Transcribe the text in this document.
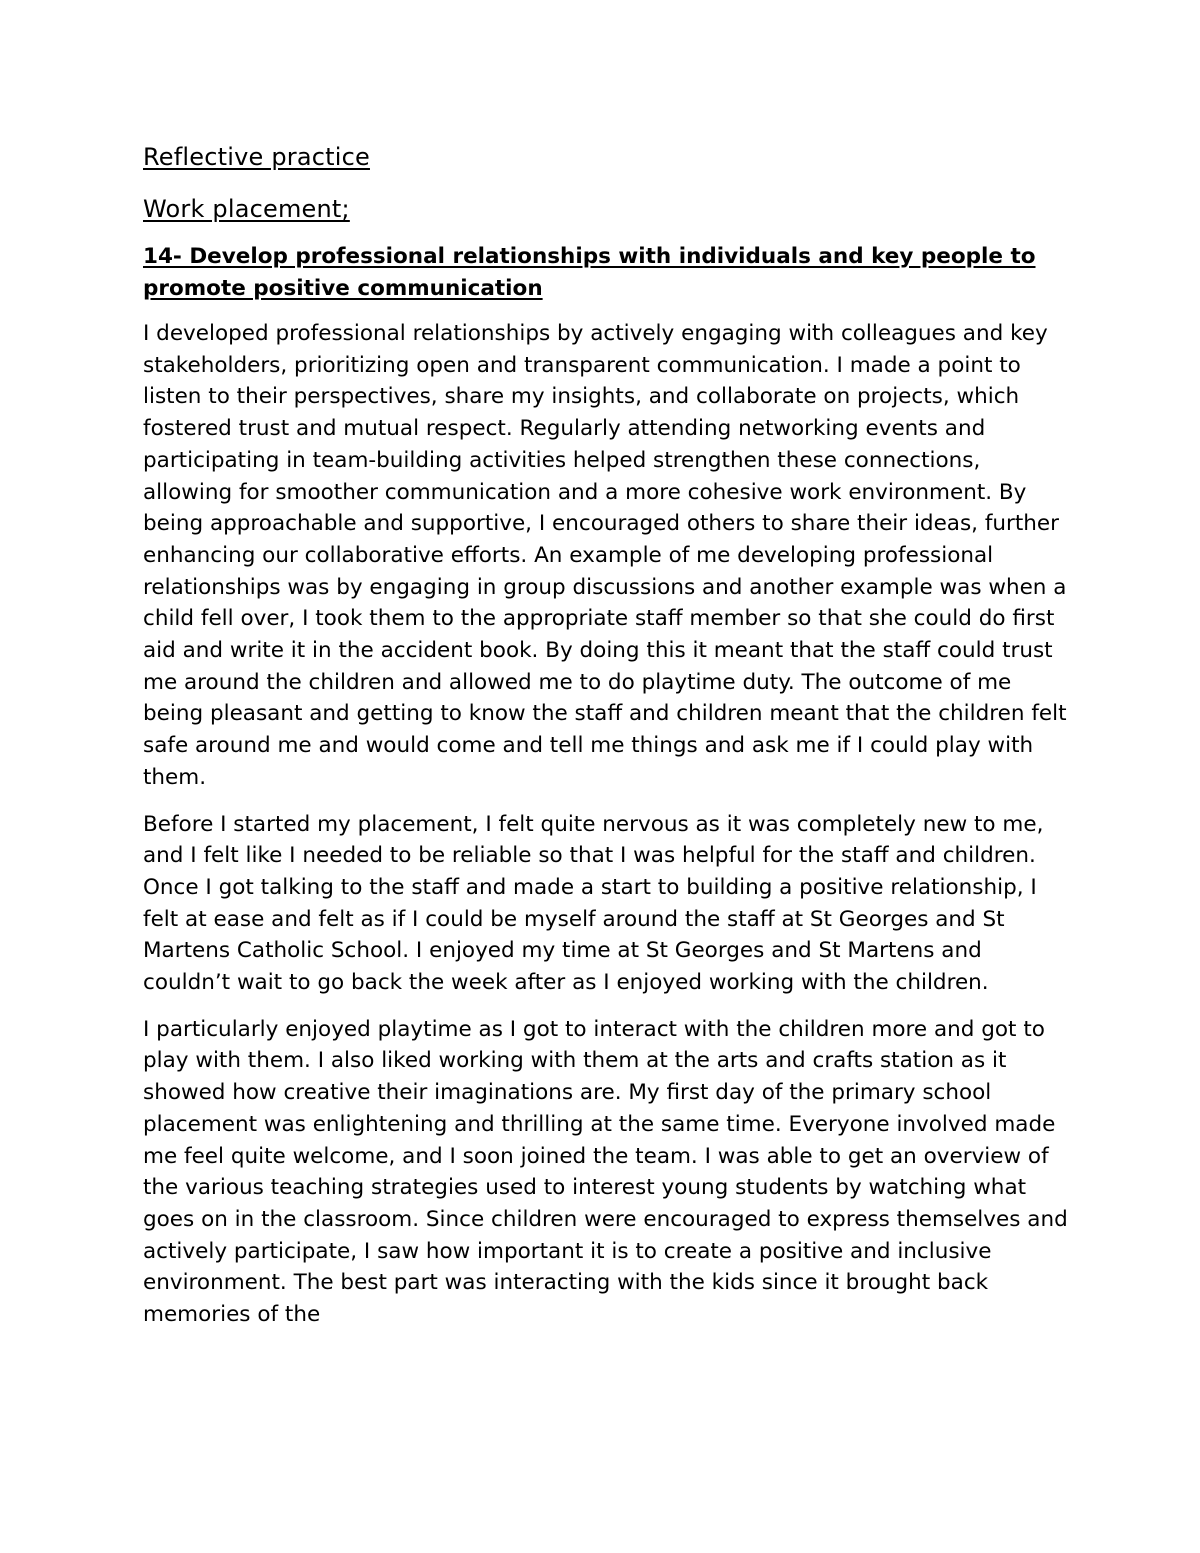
Reflective practice
Work placement;
14- Develop professional relationships with individuals and key people to promote positive communication

I developed professional relationships by actively engaging with colleagues and key stakeholders, prioritizing open and transparent communication. I made a point to listen to their perspectives, share my insights, and collaborate on projects, which fostered trust and mutual respect. Regularly attending networking events and participating in team-building activities helped strengthen these connections, allowing for smoother communication and a more cohesive work environment. By being approachable and supportive, I encouraged others to share their ideas, further enhancing our collaborative efforts. An example of me developing professional relationships was by engaging in group discussions and another example was when a child fell over, I took them to the appropriate staff member so that she could do first aid and write it in the accident book. By doing this it meant that the staff could trust me around the children and allowed me to do playtime duty. The outcome of me being pleasant and getting to know the staff and children meant that the children felt safe around me and would come and tell me things and ask me if I could play with them.

Before I started my placement, I felt quite nervous as it was completely new to me, and I felt like I needed to be reliable so that I was helpful for the staff and children. Once I got talking to the staff and made a start to building a positive relationship, I felt at ease and felt as if I could be myself around the staff at St Georges and St Martens Catholic School. I enjoyed my time at St Georges and St Martens and couldn’t wait to go back the week after as I enjoyed working with the children.

I particularly enjoyed playtime as I got to interact with the children more and got to play with them. I also liked working with them at the arts and crafts station as it showed how creative their imaginations are. My first day of the primary school placement was enlightening and thrilling at the same time. Everyone involved made me feel quite welcome, and I soon joined the team. I was able to get an overview of the various teaching strategies used to interest young students by watching what goes on in the classroom. Since children were encouraged to express themselves and actively participate, I saw how important it is to create a positive and inclusive environment. The best part was interacting with the kids since it brought back memories of the
